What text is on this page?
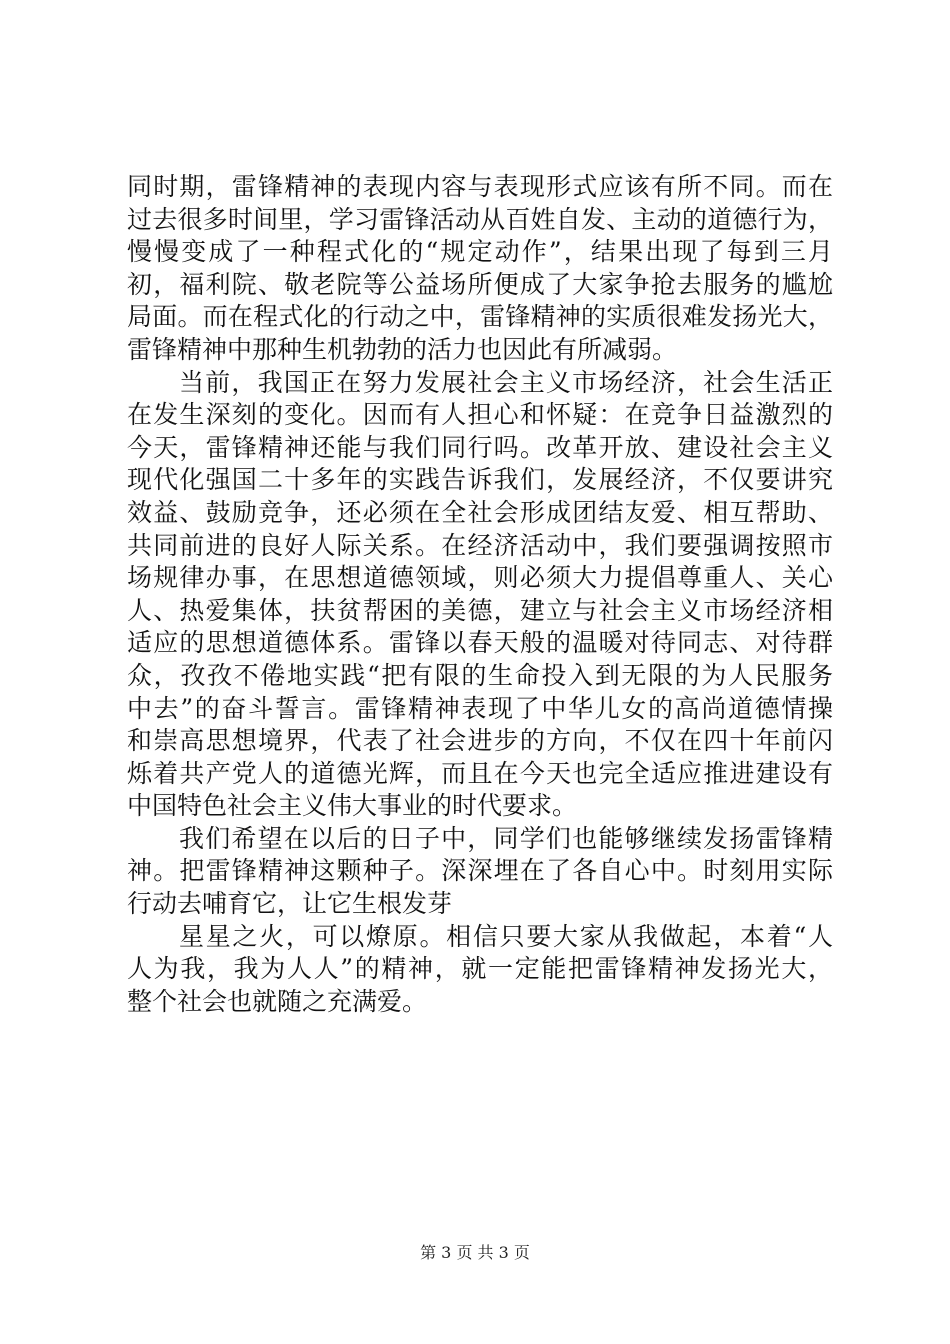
同时期，雷锋精神的表现内容与表现形式应该有所不同。而在
过去很多时间里，学习雷锋活动从百姓自发、主动的道德行为，
慢慢变成了一种程式化的“规定动作”，结果出现了每到三月
初，福利院、敬老院等公益场所便成了大家争抢去服务的尴尬
局面。而在程式化的行动之中，雷锋精神的实质很难发扬光大，
雷锋精神中那种生机勃勃的活力也因此有所减弱。
当前，我国正在努力发展社会主义市场经济，社会生活正
在发生深刻的变化。因而有人担心和怀疑：在竞争日益激烈的
今天，雷锋精神还能与我们同行吗。改革开放、建设社会主义
现代化强国二十多年的实践告诉我们，发展经济，不仅要讲究
效益、鼓励竞争，还必须在全社会形成团结友爱、相互帮助、
共同前进的良好人际关系。在经济活动中，我们要强调按照市
场规律办事，在思想道德领域，则必须大力提倡尊重人、关心
人、热爱集体，扶贫帮困的美德，建立与社会主义市场经济相
适应的思想道德体系。雷锋以春天般的温暖对待同志、对待群
众，孜孜不倦地实践“把有限的生命投入到无限的为人民服务
中去”的奋斗誓言。雷锋精神表现了中华儿女的高尚道德情操
和崇高思想境界，代表了社会进步的方向，不仅在四十年前闪
烁着共产党人的道德光辉，而且在今天也完全适应推进建设有
中国特色社会主义伟大事业的时代要求。
我们希望在以后的日子中，同学们也能够继续发扬雷锋精
神。把雷锋精神这颗种子。深深埋在了各自心中。时刻用实际
行动去哺育它，让它生根发芽
星星之火，可以燎原。相信只要大家从我做起，本着“人
人为我，我为人人”的精神，就一定能把雷锋精神发扬光大，
整个社会也就随之充满爱。
第 3 页 共 3 页
